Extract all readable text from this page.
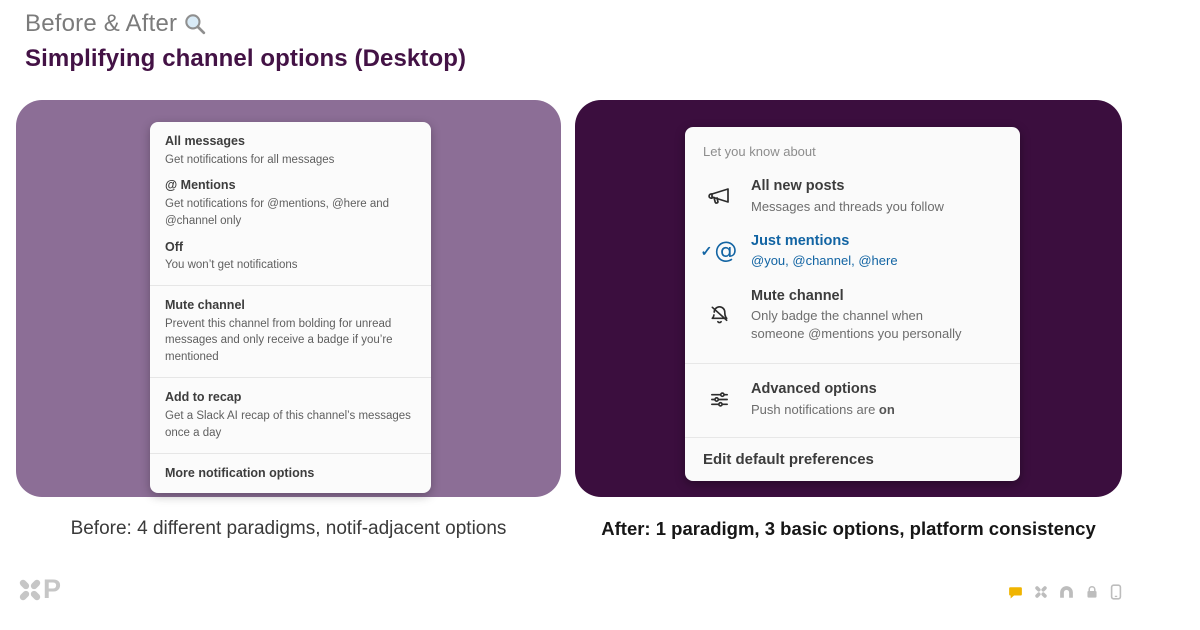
Before & After
Simplifying channel options (Desktop)
All messages
Get notifications for all messages
@ Mentions
Get notifications for @mentions, @here and @channel only
Off
You won’t get notifications
Mute channel
Prevent this channel from bolding for unread messages and only receive a badge if you’re mentioned
Add to recap
Get a Slack AI recap of this channel’s messages once a day
More notification options
Let you know about
All new posts
Messages and threads you follow
✓ @ Just mentions
@you, @channel, @here
Mute channel
Only badge the channel when someone @mentions you personally
Advanced options
Push notifications are on
Edit default preferences
Before: 4 different paradigms, notif-adjacent options	After: 1 paradigm, 3 basic options, platform consistency
P
